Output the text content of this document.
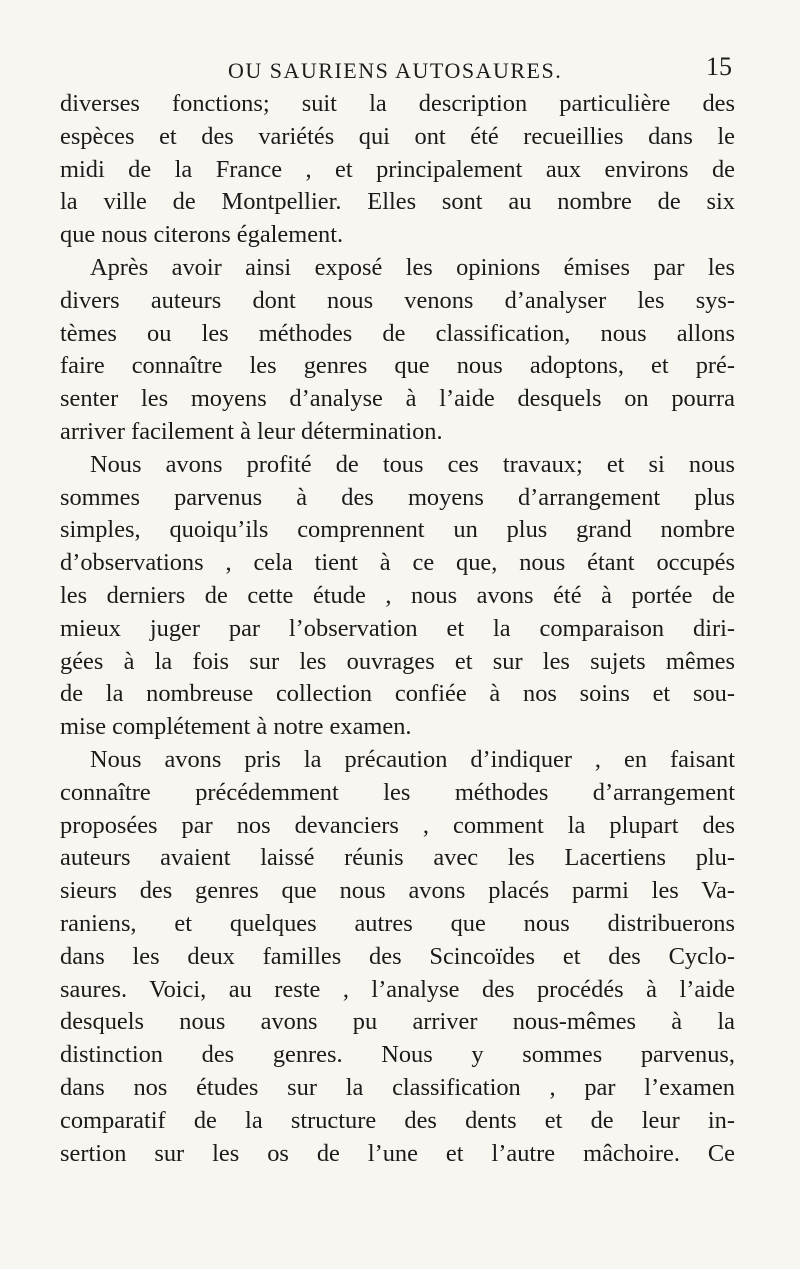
OU SAURIENS AUTOSAURES.	15
diverses fonctions; suit la description particulière des
espèces et des variétés qui ont été recueillies dans le
midi de la France , et principalement aux environs de
la ville de Montpellier. Elles sont au nombre de six
que nous citerons également.
Après avoir ainsi exposé les opinions émises par les
divers auteurs dont nous venons d’analyser les sys-
tèmes ou les méthodes de classification, nous allons
faire connaître les genres que nous adoptons, et pré-
senter les moyens d’analyse à l’aide desquels on pourra
arriver facilement à leur détermination.
Nous avons profité de tous ces travaux; et si nous
sommes parvenus à des moyens d’arrangement plus
simples, quoiqu’ils comprennent un plus grand nombre
d’observations , cela tient à ce que, nous étant occupés
les derniers de cette étude , nous avons été à portée de
mieux juger par l’observation et la comparaison diri-
gées à la fois sur les ouvrages et sur les sujets mêmes
de la nombreuse collection confiée à nos soins et sou-
mise complétement à notre examen.
Nous avons pris la précaution d’indiquer , en faisant
connaître précédemment les méthodes d’arrangement
proposées par nos devanciers , comment la plupart des
auteurs avaient laissé réunis avec les Lacertiens plu-
sieurs des genres que nous avons placés parmi les Va-
raniens, et quelques autres que nous distribuerons
dans les deux familles des Scincoïdes et des Cyclo-
saures. Voici, au reste , l’analyse des procédés à l’aide
desquels nous avons pu arriver nous-mêmes à la
distinction des genres. Nous y sommes parvenus,
dans nos études sur la classification , par l’examen
comparatif de la structure des dents et de leur in-
sertion sur les os de l’une et l’autre mâchoire. Ce
